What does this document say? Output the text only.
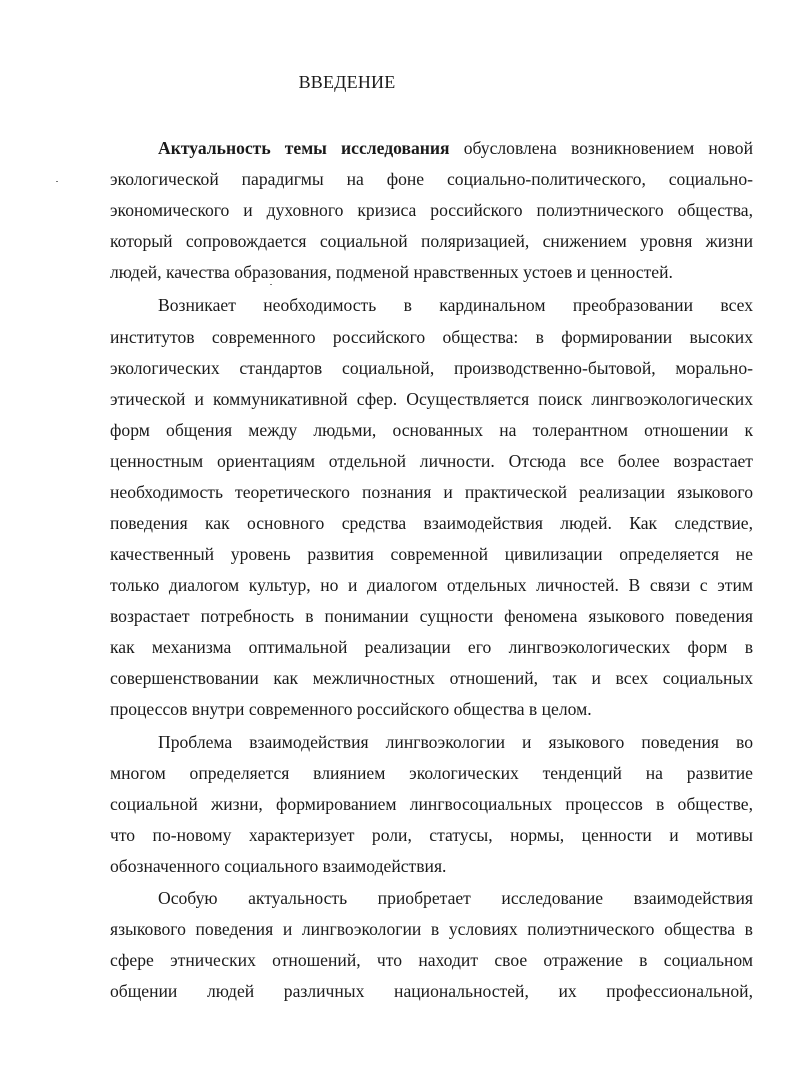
ВВЕДЕНИЕ

Актуальность темы исследования обусловлена возникновением новой

экологической парадигмы на фоне социально-политического, социально-

экономического и духовного кризиса российского полиэтнического общества,

который сопровождается социальной поляризацией, снижением уровня жизни

людей, качества образования, подменой нравственных устоев и ценностей.

Возникает необходимость в кардинальном преобразовании всех

институтов современного российского общества: в формировании высоких

экологических стандартов социальной, производственно-бытовой, морально-

этической и коммуникативной сфер. Осуществляется поиск лингвоэкологических

форм общения между людьми, основанных на толерантном отношении к

ценностным ориентациям отдельной личности. Отсюда все более возрастает

необходимость теоретического познания и практической реализации языкового

поведения как основного средства взаимодействия людей. Как следствие,

качественный уровень развития современной цивилизации определяется не

только диалогом культур, но и диалогом отдельных личностей. В связи с этим

возрастает потребность в понимании сущности феномена языкового поведения

как механизма оптимальной реализации его лингвоэкологических форм в

совершенствовании как межличностных отношений, так и всех социальных

процессов внутри современного российского общества в целом.

Проблема взаимодействия лингвоэкологии и языкового поведения во

многом определяется влиянием экологических тенденций на развитие

социальной жизни, формированием лингвосоциальных процессов в обществе,

что по-новому характеризует роли, статусы, нормы, ценности и мотивы

обозначенного социального взаимодействия.

Особую актуальность приобретает исследование взаимодействия

языкового поведения и лингвоэкологии в условиях полиэтнического общества в

сфере этнических отношений, что находит свое отражение в социальном

общении людей различных национальностей, их профессиональной,
